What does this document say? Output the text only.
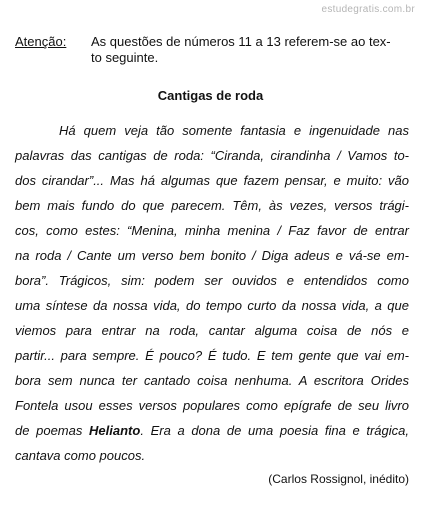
estudegratis.com.br
Atenção: As questões de números 11 a 13 referem-se ao tex-
to seguinte.
Cantigas de roda
Há quem veja tão somente fantasia e ingenuidade nas
palavras das cantigas de roda: “Ciranda, cirandinha / Vamos to-
dos cirandar”... Mas há algumas que fazem pensar, e muito: vão
bem mais fundo do que parecem. Têm, às vezes, versos trági-
cos, como estes: “Menina, minha menina / Faz favor de entrar
na roda / Cante um verso bem bonito / Diga adeus e vá-se em-
bora”. Trágicos, sim: podem ser ouvidos e entendidos como
uma síntese da nossa vida, do tempo curto da nossa vida, a que
viemos para entrar na roda, cantar alguma coisa de nós e
partir... para sempre. É pouco? É tudo. E tem gente que vai em-
bora sem nunca ter cantado coisa nenhuma. A escritora Orides
Fontela usou esses versos populares como epígrafe de seu livro
de poemas Helianto. Era a dona de uma poesia fina e trágica,
cantava como poucos.
(Carlos Rossignol, inédito)
